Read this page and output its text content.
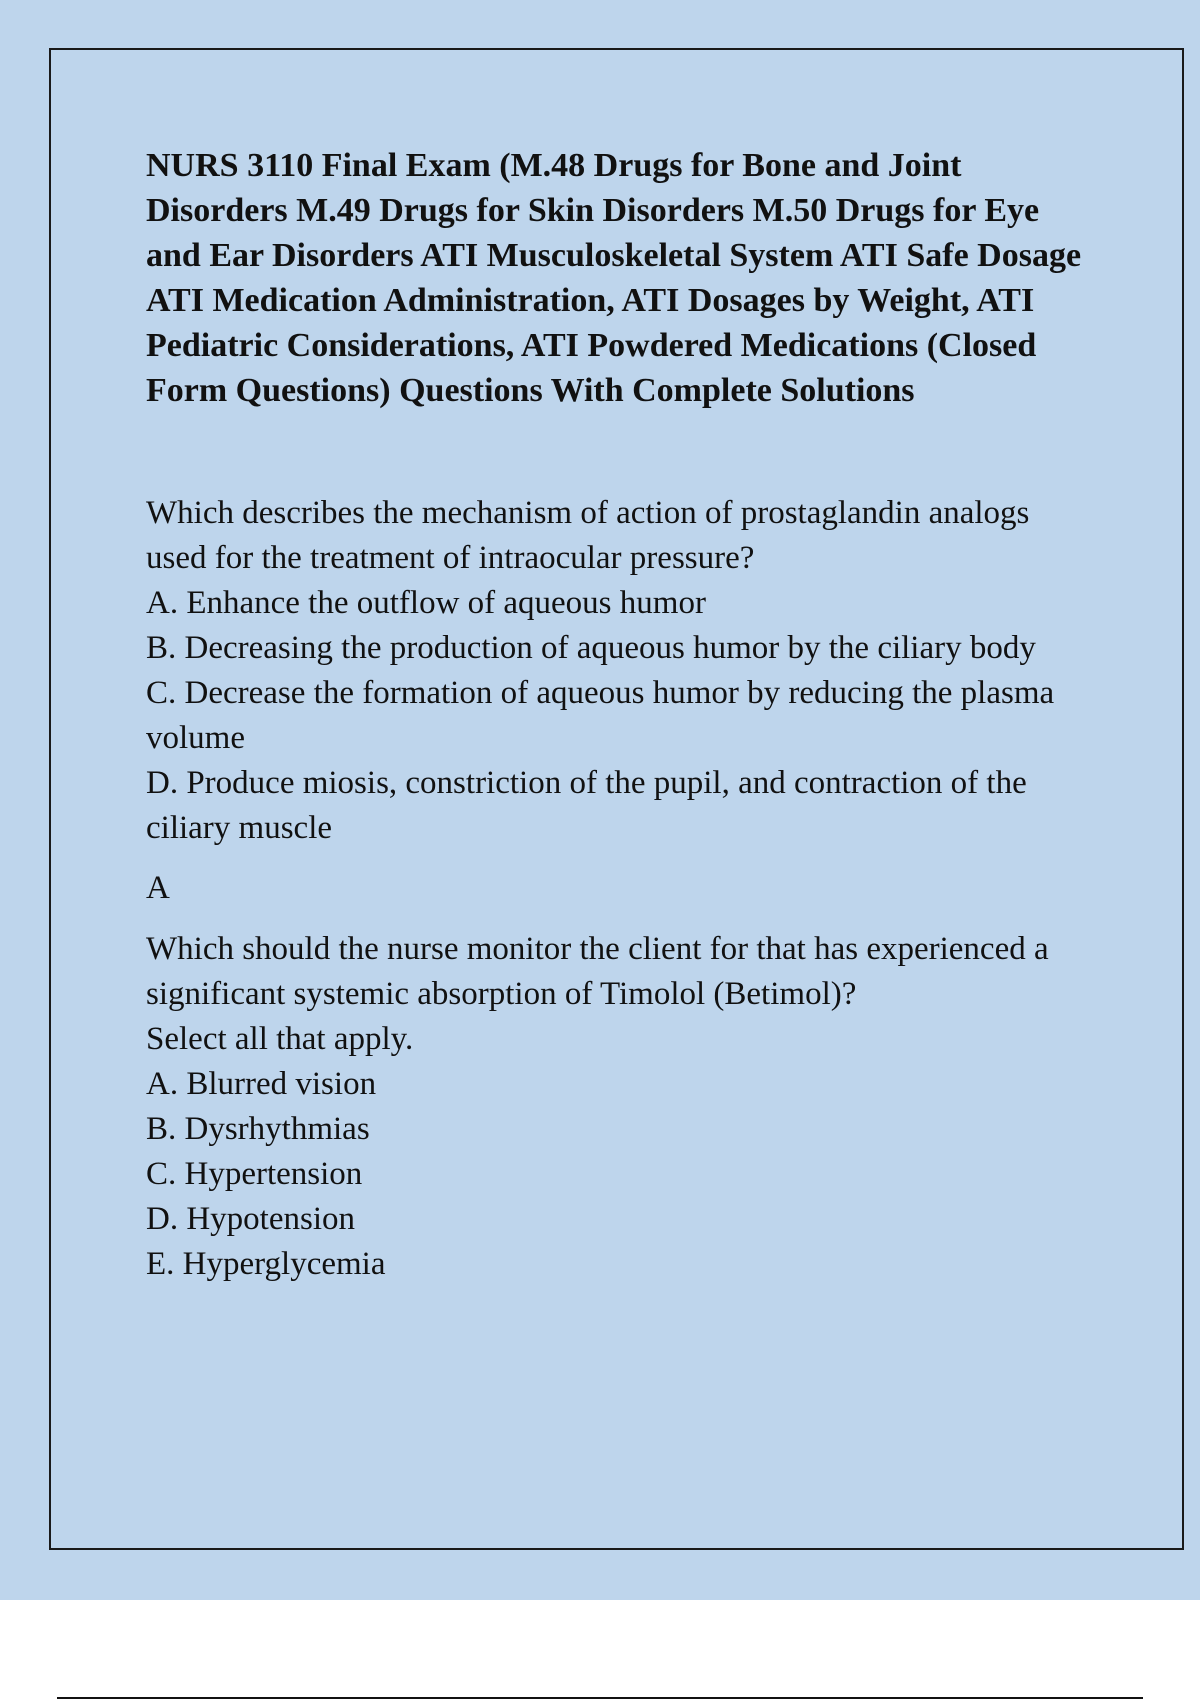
NURS 3110 Final Exam (M.48 Drugs for Bone and Joint Disorders M.49 Drugs for Skin Disorders M.50 Drugs for Eye and Ear Disorders ATI Musculoskeletal System ATI Safe Dosage ATI Medication Administration, ATI Dosages by Weight, ATI Pediatric Considerations, ATI Powdered Medications (Closed Form Questions) Questions With Complete Solutions
Which describes the mechanism of action of prostaglandin analogs used for the treatment of intraocular pressure?
A. Enhance the outflow of aqueous humor
B. Decreasing the production of aqueous humor by the ciliary body
C. Decrease the formation of aqueous humor by reducing the plasma volume
D. Produce miosis, constriction of the pupil, and contraction of the ciliary muscle
A
Which should the nurse monitor the client for that has experienced a significant systemic absorption of Timolol (Betimol)?
Select all that apply.
A. Blurred vision
B. Dysrhythmias
C. Hypertension
D. Hypotension
E. Hyperglycemia
